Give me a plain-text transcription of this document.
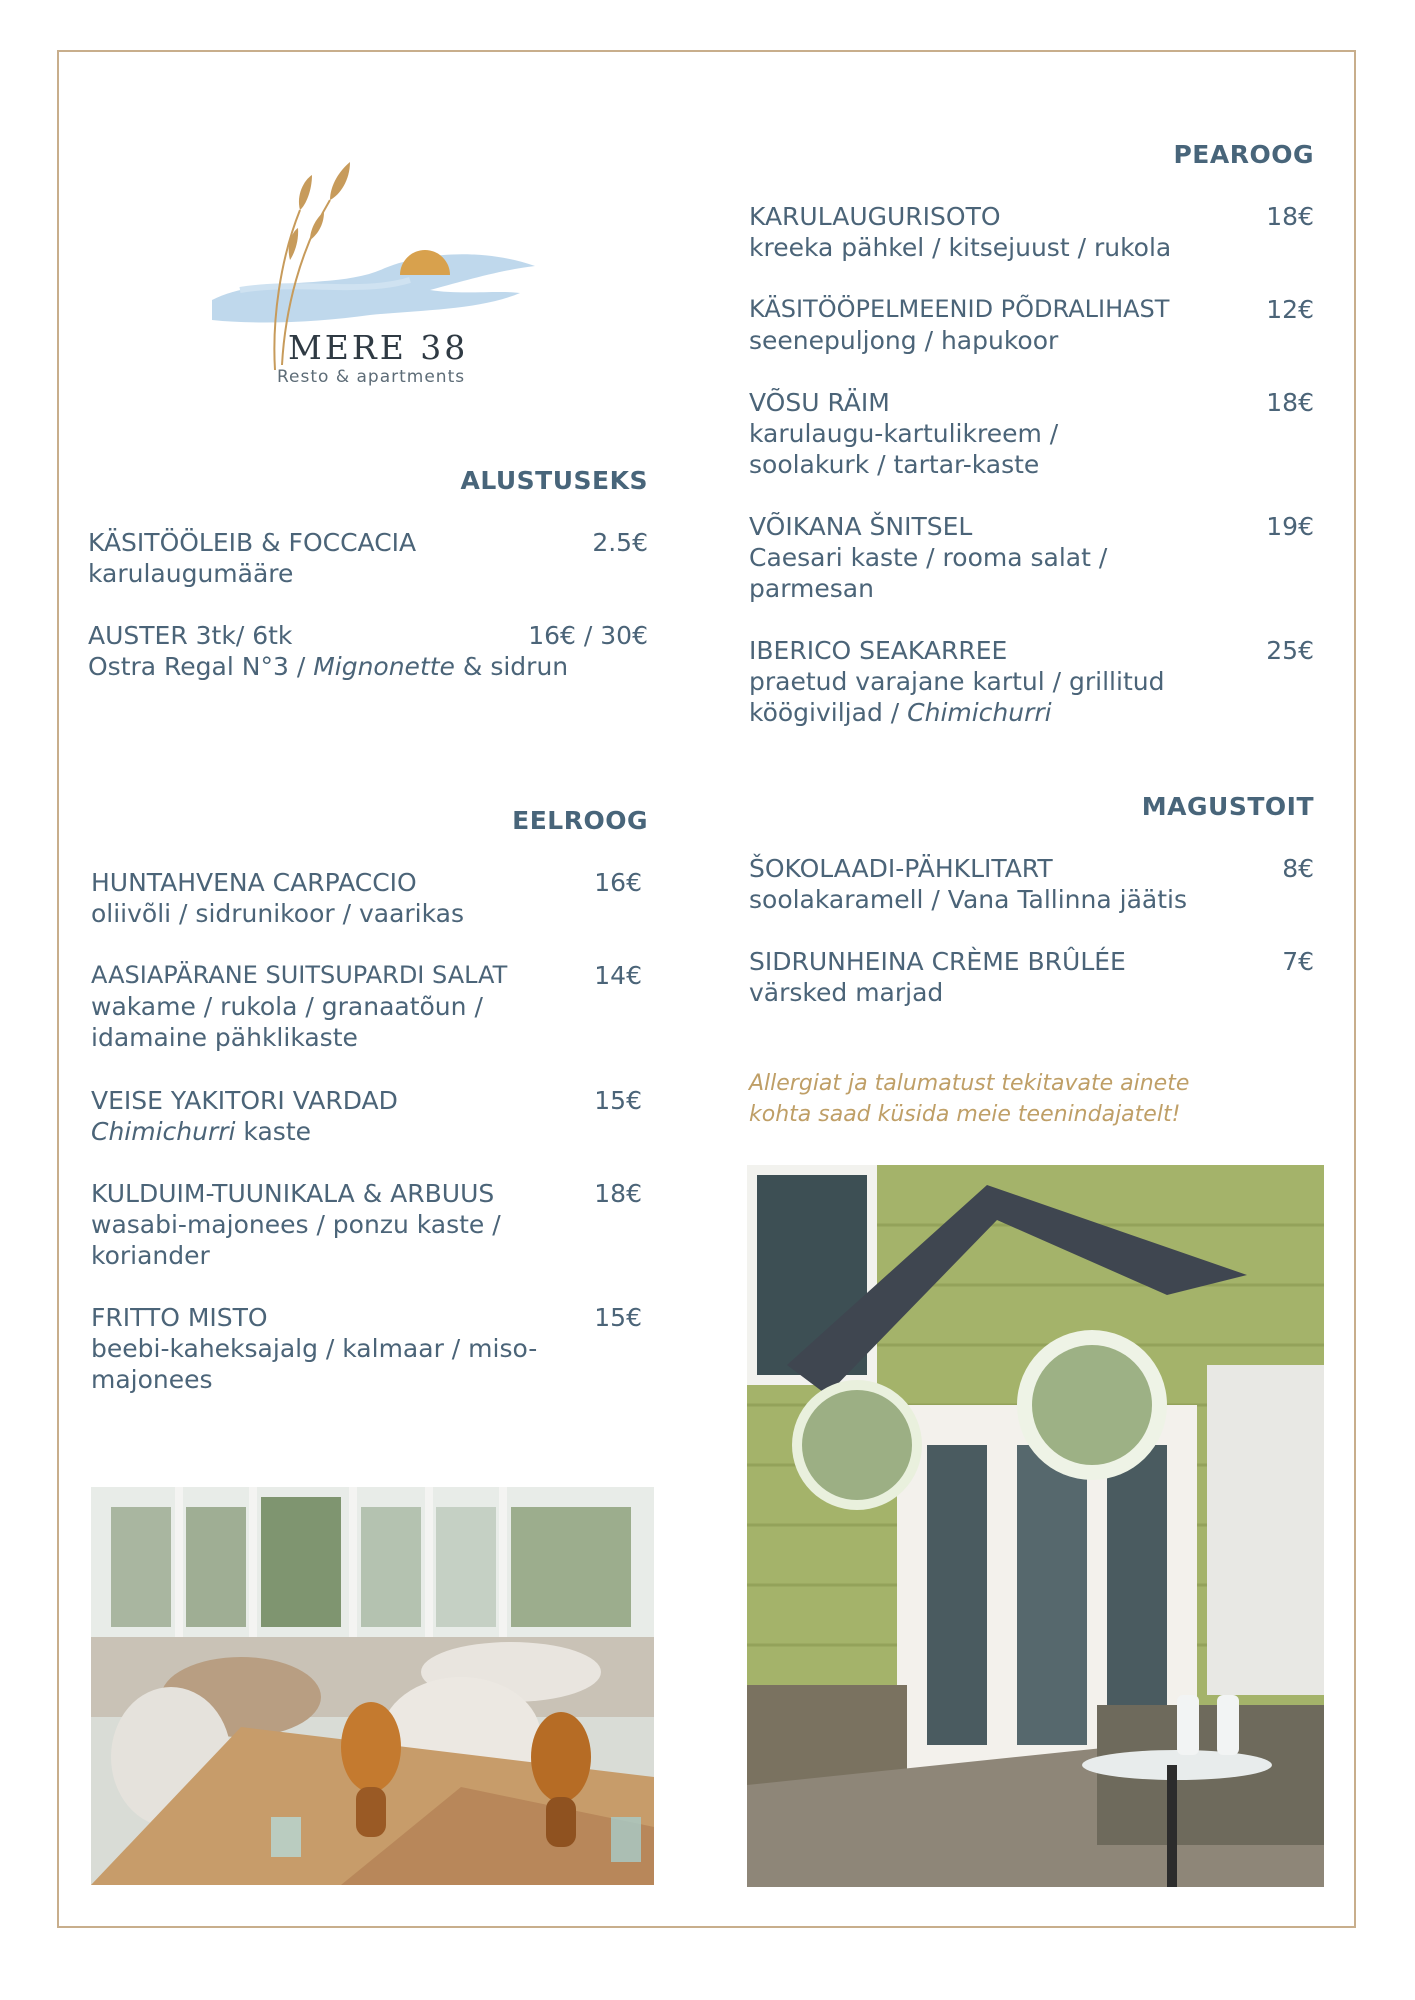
MERE 38
Resto & apartments
ALUSTUSEKS
KÄSITÖÖLEIB & FOCCACIA	2.5€
karulaugumääre
AUSTER 3tk/ 6tk	16€ / 30€
Ostra Regal N°3 / Mignonette & sidrun
EELROOG
HUNTAHVENA CARPACCIO	16€
oliivõli / sidrunikoor / vaarikas
AASIAPÄRANE SUITSUPARDI SALAT	14€
wakame / rukola / granaatõun / idamaine pähklikaste
VEISE YAKITORI VARDAD	15€
Chimichurri kaste
KULDUIM-TUUNIKALA & ARBUUS	18€
wasabi-majonees / ponzu kaste / koriander
FRITTO MISTO	15€
beebi-kaheksajalg / kalmaar / miso-majonees
PEAROOG
KARULAUGURISOTO	18€
kreeka pähkel / kitsejuust / rukola
KÄSITÖÖPELMEENID PÕDRALIHAST	12€
seenepuljong / hapukoor
VÕSU RÄIM	18€
karulaugu-kartulikreem / soolakurk / tartar-kaste
VÕIKANA ŠNITSEL	19€
Caesari kaste / rooma salat / parmesan
IBERICO SEAKARREE	25€
praetud varajane kartul / grillitud köögiviljad / Chimichurri
MAGUSTOIT
ŠOKOLAADI-PÄHKLITART	8€
soolakaramell / Vana Tallinna jäätis
SIDRUNHEINA CRÈME BRÛLÉE	7€
värsked marjad
Allergiat ja talumatust tekitavate ainete kohta saad küsida meie teenindajatelt!
